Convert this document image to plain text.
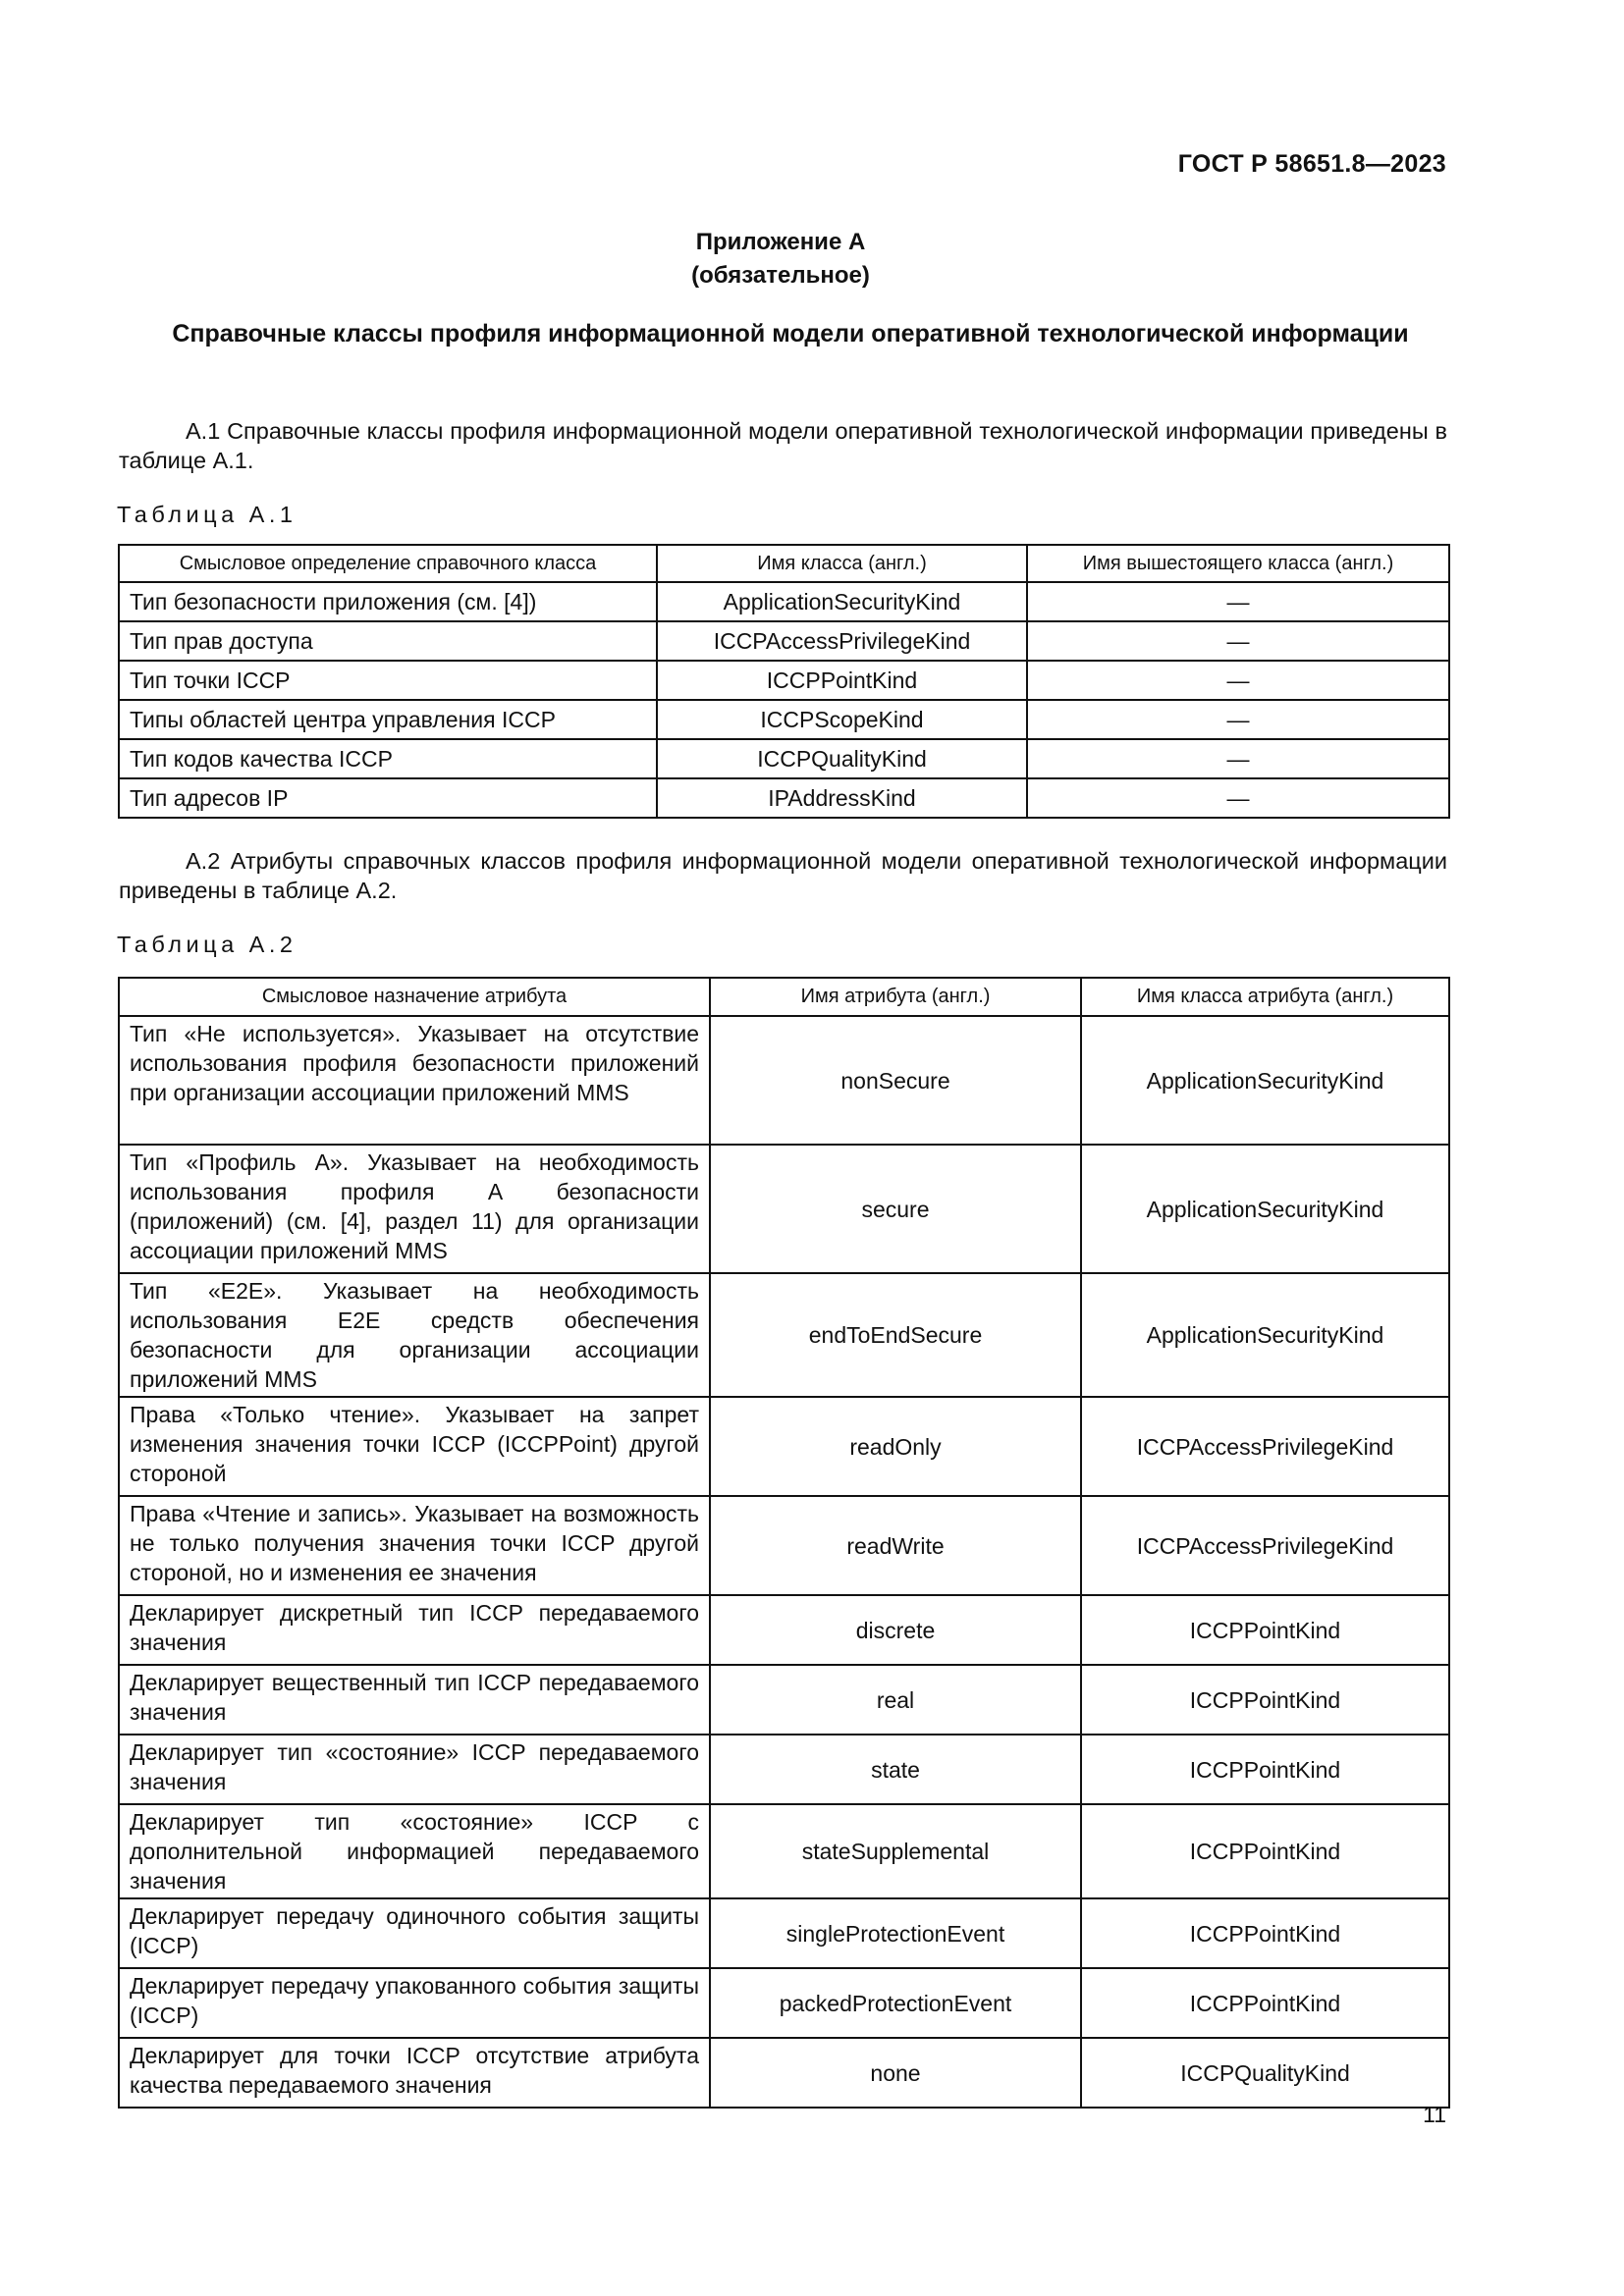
ГОСТ Р 58651.8—2023
Приложение А
(обязательное)
Справочные классы профиля информационной модели оперативной технологической информации

А.1 Справочные классы профиля информационной модели оперативной технологической информации приведены в таблице А.1.

Таблица А.1
Смысловое определение справочного класса	Имя класса (англ.)	Имя вышестоящего класса (англ.)
Тип безопасности приложения (см. [4])	ApplicationSecurityKind	—
Тип прав доступа	ICCPAccessPrivilegeKind	—
Тип точки ICCP	ICCPPointKind	—
Типы областей центра управления ICCP	ICCPScopeKind	—
Тип кодов качества ICCP	ICCPQualityKind	—
Тип адресов IP	IPAddressKind	—

А.2 Атрибуты справочных классов профиля информационной модели оперативной технологической информации приведены в таблице А.2.

Таблица А.2
Смысловое назначение атрибута	Имя атрибута (англ.)	Имя класса атрибута (англ.)
Тип «Не используется». Указывает на отсутствие использования профиля безопасности приложений при организации ассоциации приложений MMS	nonSecure	ApplicationSecurityKind
Тип «Профиль А». Указывает на необходимость использования профиля А безопасности (приложений) (см. [4], раздел 11) для организации ассоциации приложений MMS	secure	ApplicationSecurityKind
Тип «Е2Е». Указывает на необходимость использования Е2Е средств обеспечения безопасности для организации ассоциации приложений MMS	endToEndSecure	ApplicationSecurityKind
Права «Только чтение». Указывает на запрет изменения значения точки ICCP (ICCPPoint) другой стороной	readOnly	ICCPAccessPrivilegeKind
Права «Чтение и запись». Указывает на возможность не только получения значения точки ICCP другой стороной, но и изменения ее значения	readWrite	ICCPAccessPrivilegeKind
Декларирует дискретный тип ICCP передаваемого значения	discrete	ICCPPointKind
Декларирует вещественный тип ICCP передаваемого значения	real	ICCPPointKind
Декларирует тип «состояние» ICCP передаваемого значения	state	ICCPPointKind
Декларирует тип «состояние» ICCP с дополнительной информацией передаваемого значения	stateSupplemental	ICCPPointKind
Декларирует передачу одиночного события защиты (ICCP)	singleProtectionEvent	ICCPPointKind
Декларирует передачу упакованного события защиты (ICCP)	packedProtectionEvent	ICCPPointKind
Декларирует для точки ICCP отсутствие атрибута качества передаваемого значения	none	ICCPQualityKind
11
